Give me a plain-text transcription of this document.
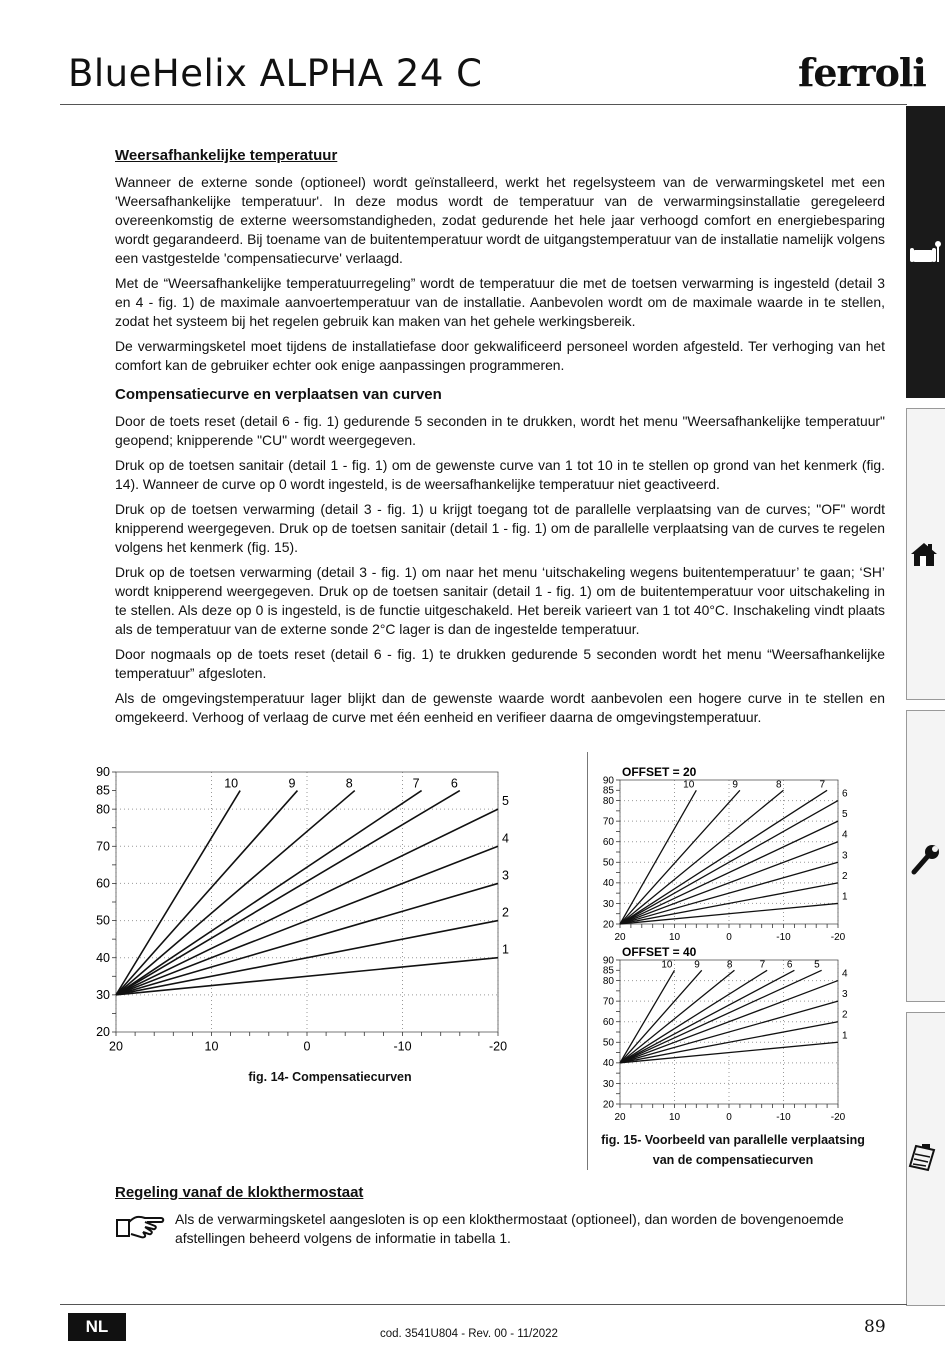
BlueHelix ALPHA 24 C	ferroli
Weersafhankelijke temperatuur

Wanneer de externe sonde (optioneel) wordt geïnstalleerd, werkt het regelsysteem van de verwarmingsketel met een 'Weersafhankelijke temperatuur'. In deze modus wordt de temperatuur van de verwarmingsinstallatie geregeleerd overeenkomstig de externe weersomstandigheden, zodat gedurende het hele jaar verhoogd comfort en energiebesparing wordt gegarandeerd. Bij toename van de buitentemperatuur wordt de uitgangstemperatuur van de installatie namelijk volgens een vastgestelde 'compensatiecurve' verlaagd.

Met de “Weersafhankelijke temperatuurregeling” wordt de temperatuur die met de toetsen verwarming is ingesteld (detail 3 en 4 - fig. 1) de maximale aanvoertemperatuur van de installatie. Aanbevolen wordt om de maximale waarde in te stellen, zodat het systeem bij het regelen gebruik kan maken van het gehele werkingsbereik.

De verwarmingsketel moet tijdens de installatiefase door gekwalificeerd personeel worden afgesteld. Ter verhoging van het comfort kan de gebruiker echter ook enige aanpassingen programmeren.

Compensatiecurve en verplaatsen van curven

Door de toets reset (detail 6 - fig. 1) gedurende 5 seconden in te drukken, wordt het menu "Weersafhankelijke temperatuur" geopend; knipperende "CU" wordt weergegeven.

Druk op de toetsen sanitair (detail 1 - fig. 1) om de gewenste curve van 1 tot 10 in te stellen op grond van het kenmerk (fig. 14). Wanneer de curve op 0 wordt ingesteld, is de weersafhankelijke temperatuur niet geactiveerd.

Druk op de toetsen verwarming (detail 3 - fig. 1) u krijgt toegang tot de parallelle verplaatsing van de curves; "OF" wordt knipperend weergegeven. Druk op de toetsen sanitair (detail 1 - fig. 1) om de parallelle verplaatsing van de curves te regelen volgens het kenmerk (fig. 15).

Druk op de toetsen verwarming (detail 3 - fig. 1) om naar het menu ‘uitschakeling wegens buitentemperatuur’ te gaan; ‘SH’ wordt knipperend weergegeven. Druk op de toetsen sanitair (detail 1 - fig. 1) om de buitentemperatuur voor uitschakeling in te stellen. Als deze op 0 is ingesteld, is de functie uitgeschakeld. Het bereik varieert van 1 tot 40°C. Inschakeling vindt plaats als de temperatuur van de externe sonde 2°C lager is dan de ingestelde temperatuur.

Door nogmaals op de toets reset (detail 6 - fig. 1) te drukken gedurende 5 seconden wordt het menu “Weersafhankelijke temperatuur” afgesloten.

Als de omgevingstemperatuur lager blijkt dan de gewenste waarde wordt aanbevolen een hogere curve in te stellen en omgekeerd. Verhoog of verlaag de curve met één eenheid en verifieer daarna de omgevingstemperatuur.

20	10	0	-10	-20
20
30
40
50
60
70
80
85
90
1
2
3
4
5
6
7
8
9
10
fig. 14- Compensatiecurven
OFFSET = 20
20	10	0	-10	-20
20
30
40
50
60
70
80
85
90
1
2
3
4
5
6
7
8
9
10
OFFSET = 40
20	10	0	-10	-20
20
30
40
50
60
70
80
85
90
1
2
3
4
5
6
7
8
9
10
fig. 15- Voorbeeld van parallelle verplaatsing van de compensatiecurven
Regeling vanaf de klokthermostaat
Als de verwarmingsketel aangesloten is op een klokthermostaat (optioneel), dan worden de bovengenoemde afstellingen beheerd volgens de informatie in tabella 1.
NL	cod. 3541U804 - Rev. 00 - 11/2022	89
